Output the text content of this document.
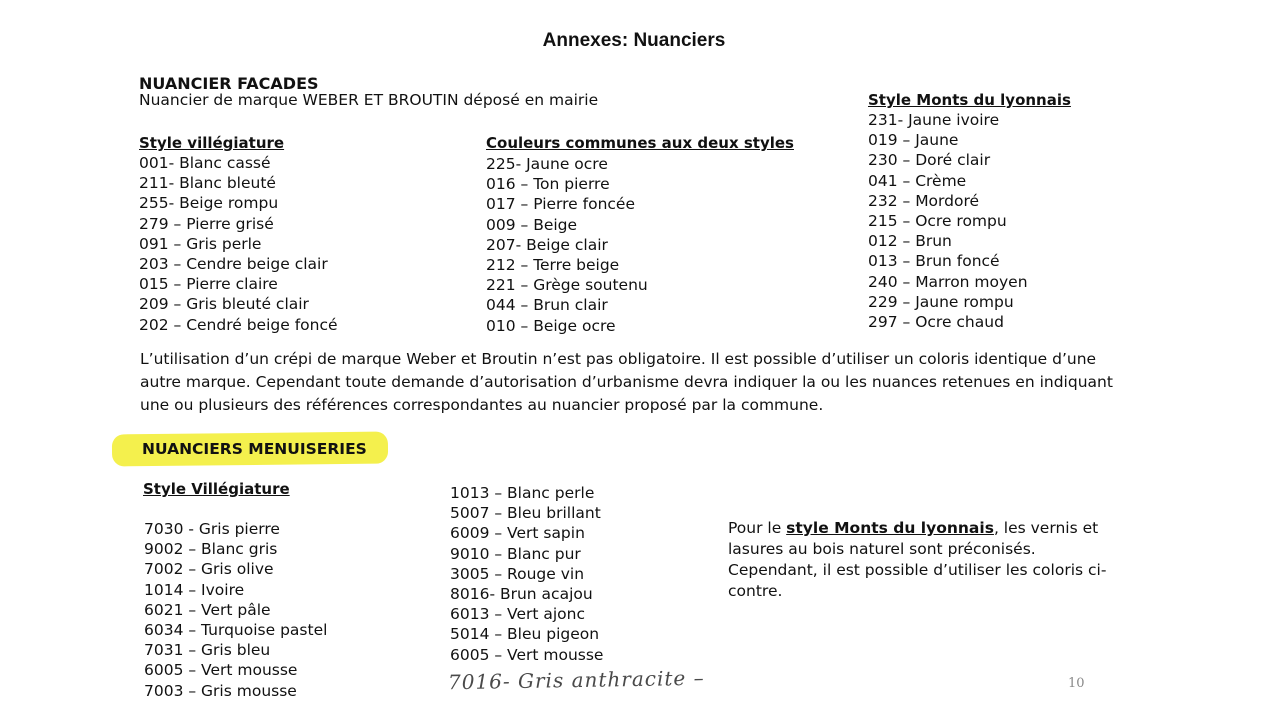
Annexes: Nuanciers
NUANCIER FACADES
Nuancier de marque WEBER ET BROUTIN déposé en mairie
Style villégiature
001- Blanc cassé
211- Blanc bleuté
255- Beige rompu
279 – Pierre grisé
091 – Gris perle
203 – Cendre beige clair
015 – Pierre claire
209 – Gris bleuté clair
202 – Cendré beige foncé
Couleurs communes aux deux styles
225- Jaune ocre
016 – Ton pierre
017 – Pierre foncée
009 – Beige
207- Beige clair
212 – Terre beige
221 – Grège soutenu
044 – Brun clair
010 – Beige ocre
Style Monts du lyonnais
231- Jaune ivoire
019 – Jaune
230 – Doré clair
041 – Crème
232 – Mordoré
215 – Ocre rompu
012 – Brun
013 – Brun foncé
240 – Marron moyen
229 – Jaune rompu
297 – Ocre chaud
L’utilisation d’un crépi de marque Weber et Broutin n’est pas obligatoire. Il est possible d’utiliser un coloris identique d’une autre marque. Cependant toute demande d’autorisation d’urbanisme devra indiquer la ou les nuances retenues en indiquant une ou plusieurs des références correspondantes au nuancier proposé par la commune.
NUANCIERS MENUISERIES
Style Villégiature
7030 - Gris pierre
9002 – Blanc gris
7002 – Gris olive
1014 – Ivoire
6021 – Vert pâle
6034 – Turquoise pastel
7031 – Gris bleu
6005 – Vert mousse
7003 – Gris mousse
1013 – Blanc perle
5007 – Bleu brillant
6009 – Vert sapin
9010 – Blanc pur
3005 – Rouge vin
8016- Brun acajou
6013 – Vert ajonc
5014 – Bleu pigeon
6005 – Vert mousse
7016- Gris anthracite –
Pour le style Monts du lyonnais, les vernis et lasures au bois naturel sont préconisés. Cependant, il est possible d’utiliser les coloris ci-contre.
10
